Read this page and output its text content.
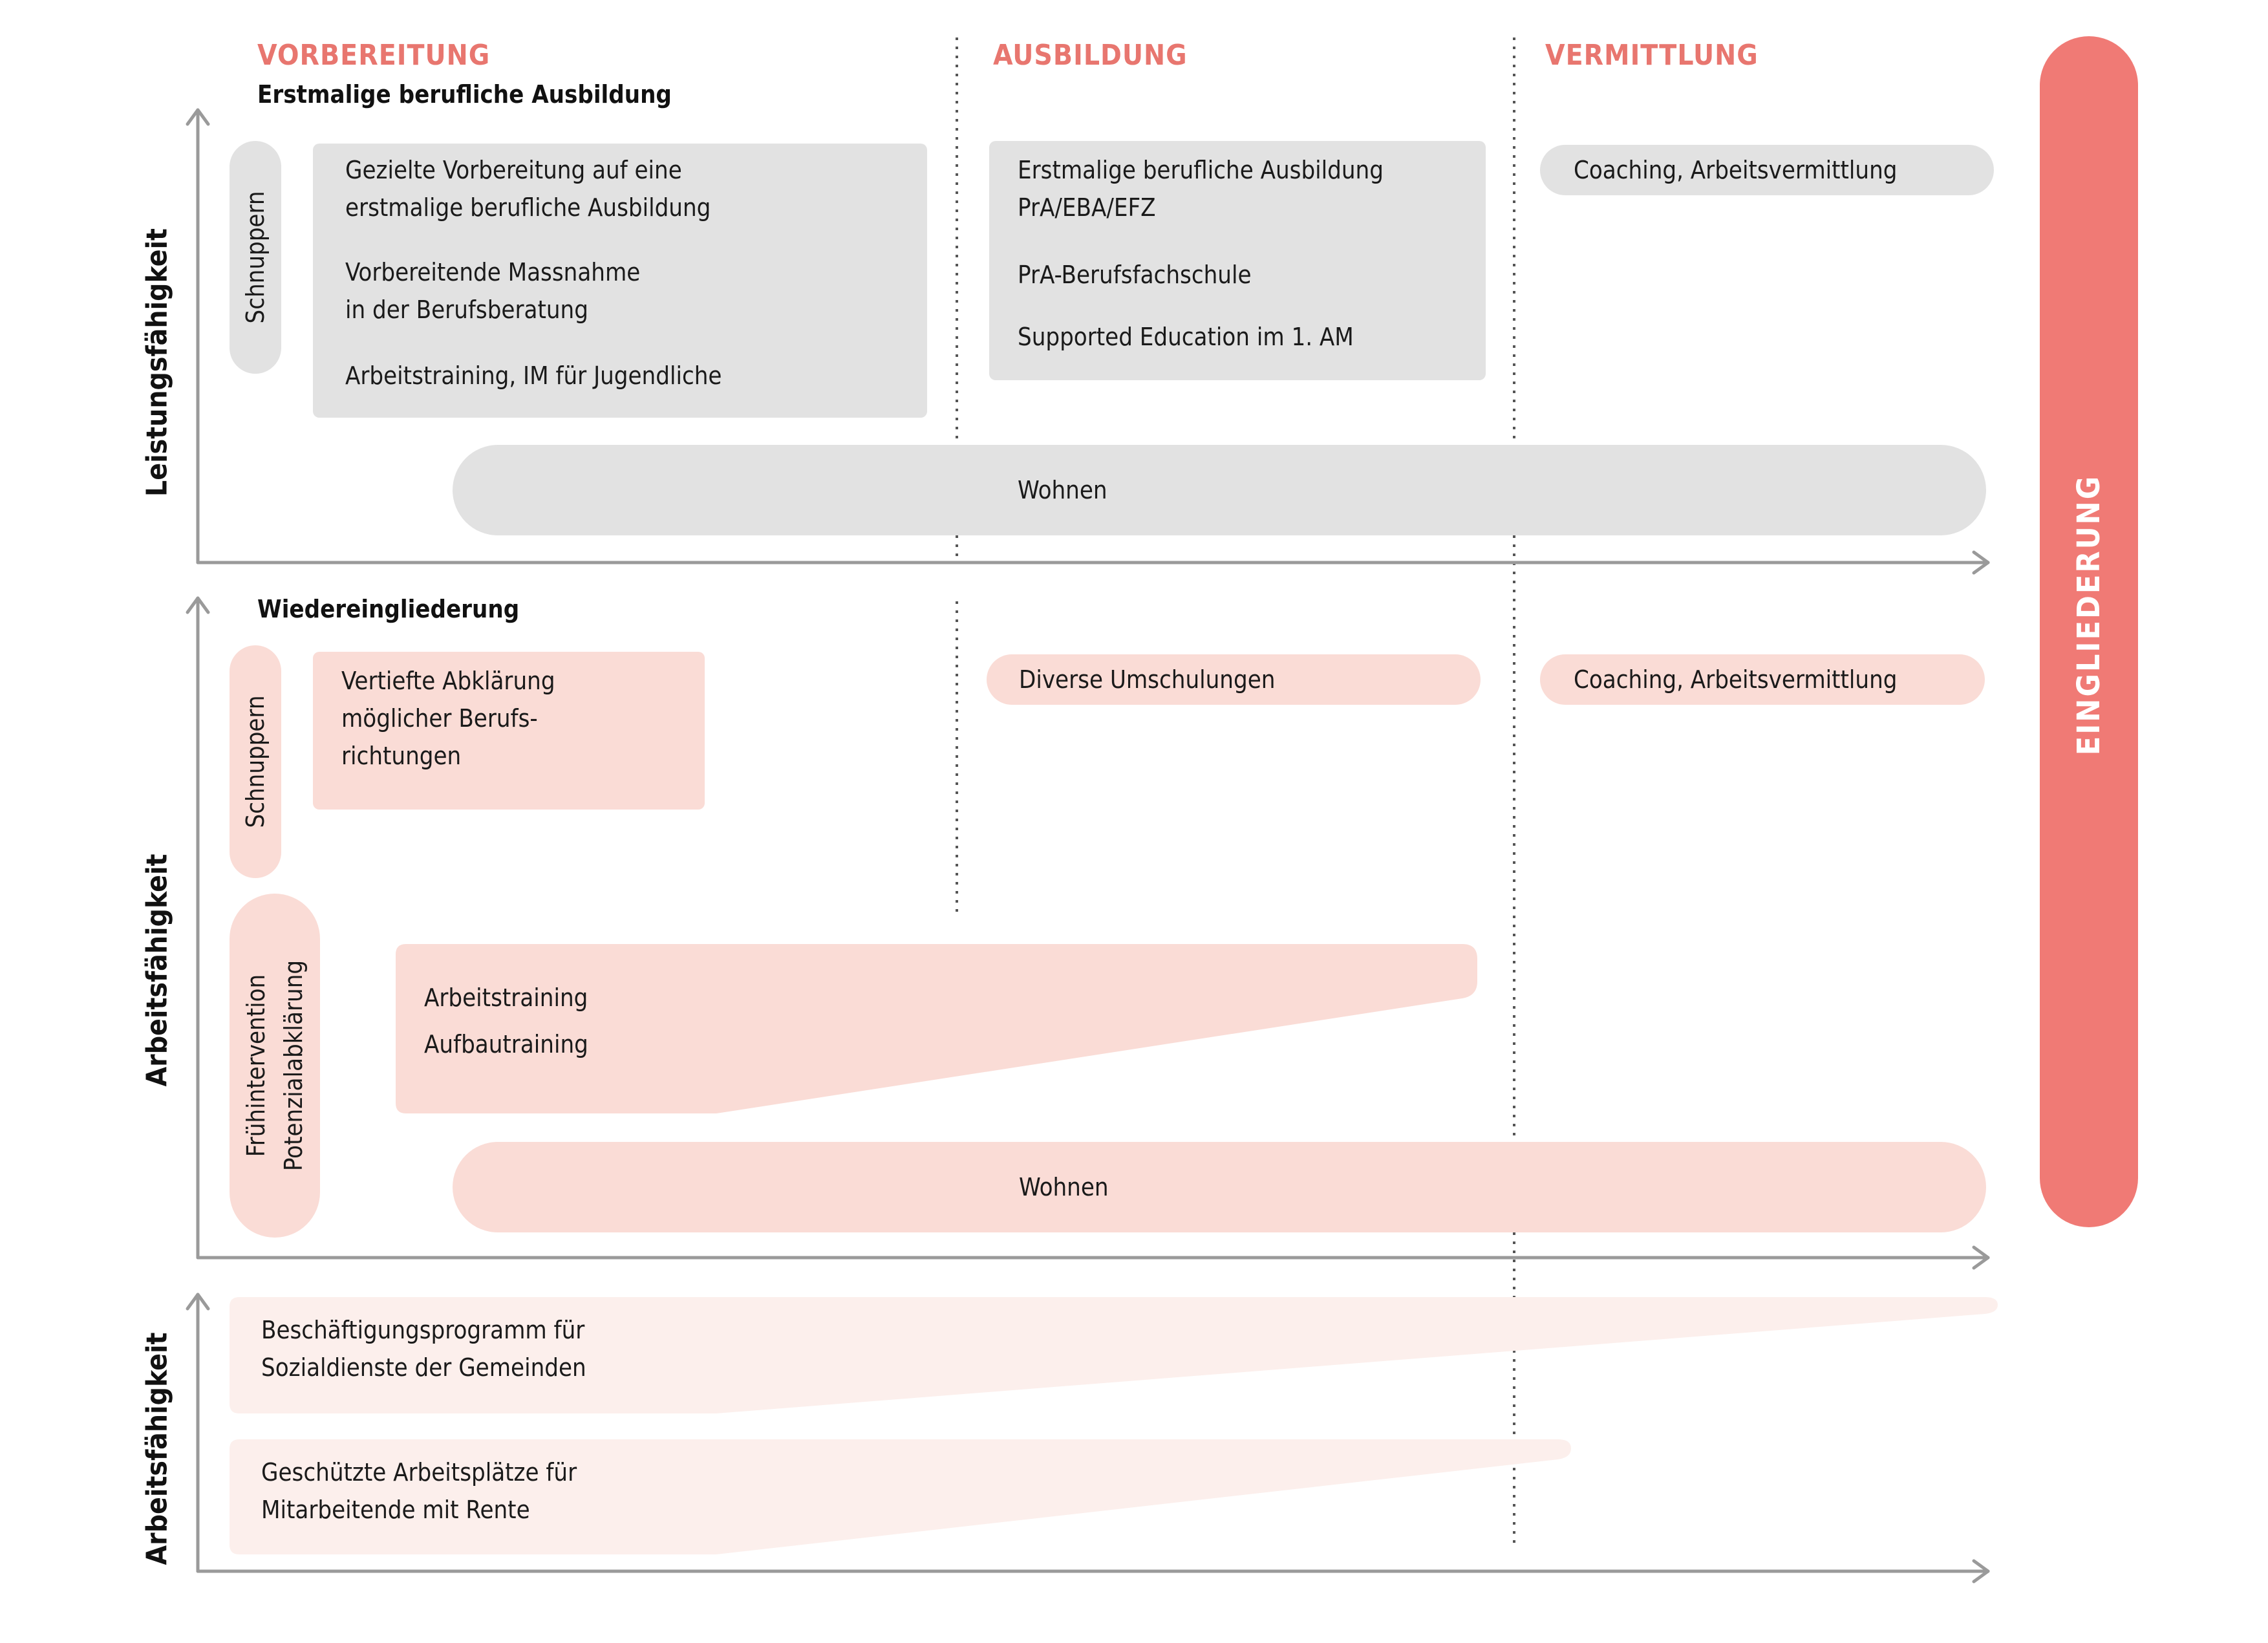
VORBEREITUNG	AUSBILDUNG	VERMITTLUNG
Erstmalige berufliche Ausbildung
Wiedereingliederung
Leistungsfähigkeit
Arbeitsfähigkeit
Arbeitsfähigkeit
EINGLIEDERUNG
Schnuppern
Gezielte Vorbereitung auf eine
erstmalige berufliche Ausbildung
Vorbereitende Massnahme
in der Berufsberatung
Arbeitstraining, IM für Jugendliche
Erstmalige berufliche Ausbildung
PrA/EBA/EFZ
PrA-Berufsfachschule
Supported Education im 1. AM
Coaching, Arbeitsvermittlung
Wohnen
Schnuppern
Vertiefte Abklärung
möglicher Berufs-
richtungen
Diverse Umschulungen	Coaching, Arbeitsvermittlung
Frühintervention Potenzialabklärung	Arbeitstraining
Aufbautraining
Wohnen
Beschäftigungsprogramm für
Sozialdienste der Gemeinden
Geschützte Arbeitsplätze für
Mitarbeitende mit Rente
